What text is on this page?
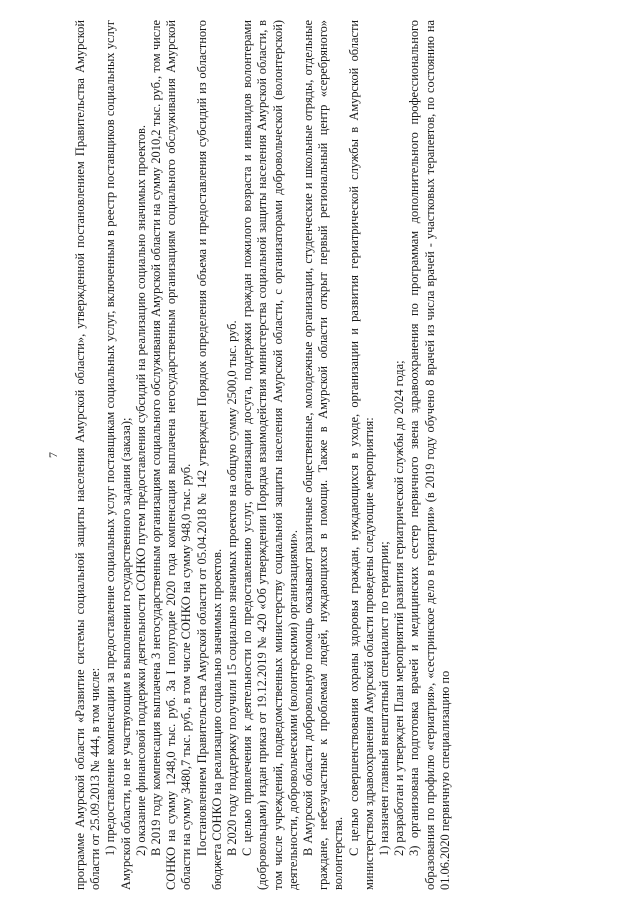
7	программе Амурской области «Развитие системы социальной защиты населения Амурской области», утвержденной постановлением Правительства Амурской области от 25.09.2013 № 444, в том числе: 1) предоставление компенсации за предоставление социальных услуг поставщикам социальных услуг, включенным в реестр поставщиков социальных услуг Амурской области, но не участвующим в выполнении государственного задания (заказа); 2) оказание финансовой поддержки деятельности СОНКО путем предоставления субсидий на реализацию социально значимых проектов. В 2019 году компенсация выплачена 3 негосударственным организациям социального обслуживания Амурской области на сумму 2010,2 тыс. руб., том числе СОНКО на сумму 1248,0 тыс. руб. За I полугодие 2020 года компенсация выплачена негосударственным организациям социального обслуживания Амурской области на сумму 3480,7 тыс. руб., в том числе СОНКО на сумму 948,0 тыс. руб. Постановлением Правительства Амурской области от 05.04.2018 № 142 утвержден Порядок определения объема и предоставления субсидий из областного бюджета СОНКО на реализацию социально значимых проектов. В 2020 году поддержку получили 15 социально значимых проектов на общую сумму 2500,0 тыс. руб. С целью привлечения к деятельности по предоставлению услуг, организации досуга, поддержки граждан пожилого возраста и инвалидов волонтерами (добровольцами) издан приказ от 19.12.2019 № 420 «Об утверждении Порядка взаимодействия министерства социальной защиты населения Амурской области, в том числе учреждений, подведомственных министерству социальной защиты населения Амурской области, с организаторами добровольческой (волонтерской) деятельности, добровольческими (волонтерскими) организациями». В Амурской области добровольную помощь оказывают различные общественные, молодежные организации, студенческие и школьные отряды, отдельные граждане, небезучастные к проблемам людей, нуждающихся в помощи. Также в Амурской области открыт первый региональный центр «серебряного» волонтерства. С целью совершенствования охраны здоровья граждан, нуждающихся в уходе, организации и развития гериатрической службы в Амурской области министерством здравоохранения Амурской области проведены следующие мероприятия: 1) назначен главный внештатный специалист по гериатрии; 2) разработан и утвержден План мероприятий развития гериатрической службы до 2024 года; 3) организована подготовка врачей и медицинских сестер первичного звена здравоохранения по программам дополнительного профессионального образования по профилю «гериатрия», «сестринское дело в гериатрии» (в 2019 году обучено 8 врачей из числа врачей - участковых терапевтов, по состоянию на 01.06.2020 первичную специализацию по
